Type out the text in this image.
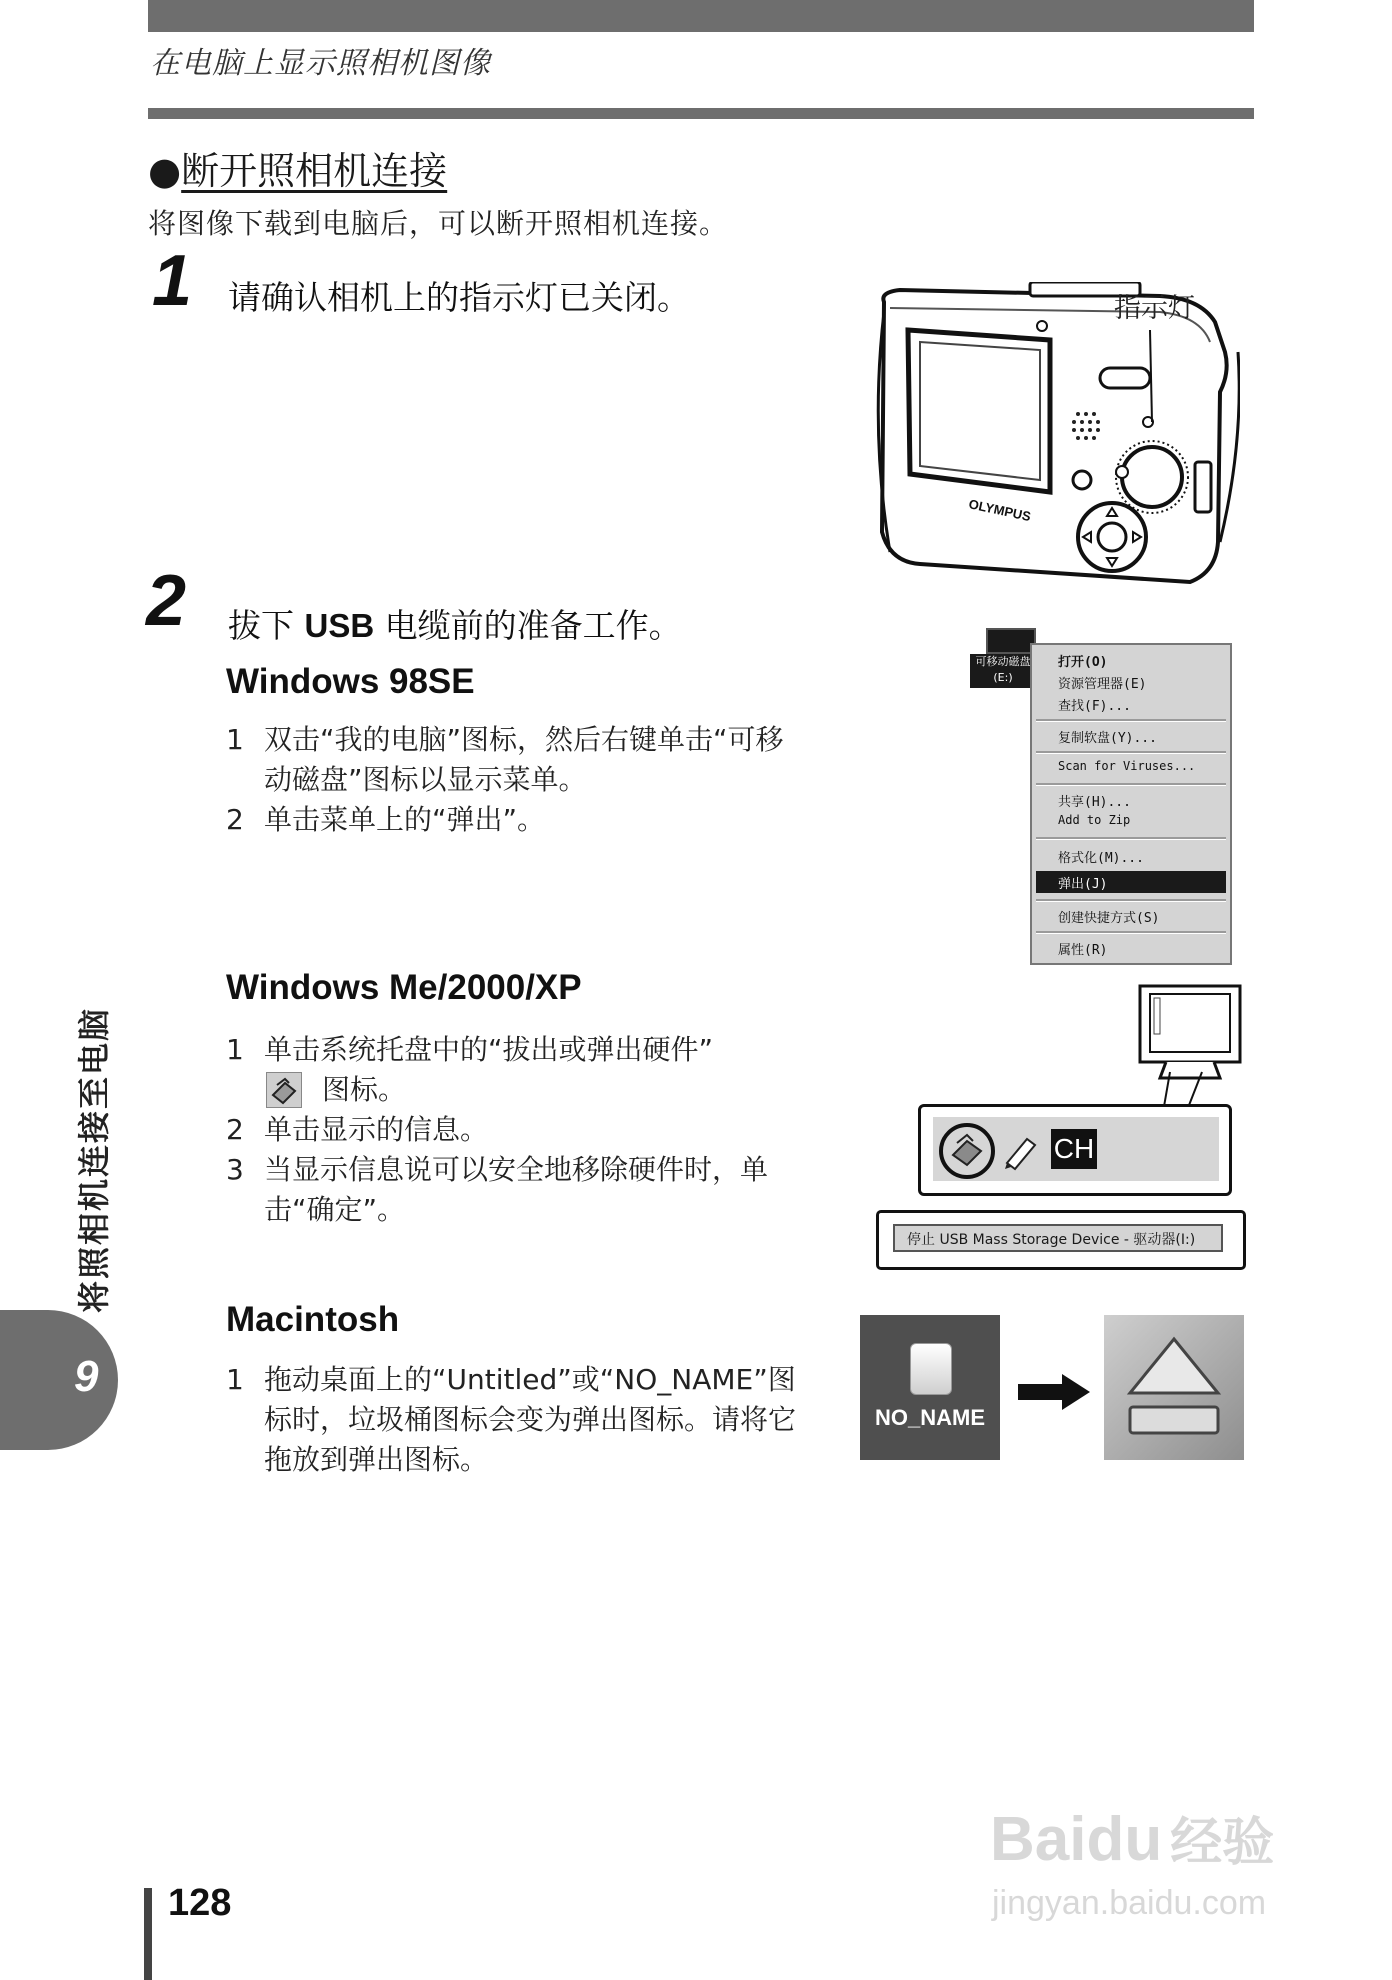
在电脑上显示照相机图像
●断开照相机连接
将图像下载到电脑后，可以断开照相机连接。
1 请确认相机上的指示灯已关闭。
OLYMPUS
指示灯
2 拔下 USB 电缆前的准备工作。
Windows 98SE
1 双击“我的电脑”图标，然后右键单击“可移动磁盘”图标以显示菜单。
2 单击菜单上的“弹出”。
可移动磁盘
(E:)
打开(O)
资源管理器(E)
查找(F)...
复制软盘(Y)...
Scan for Viruses...
共享(H)...
Add to Zip
格式化(M)...
弹出(J)
创建快捷方式(S)
属性(R)
Windows Me/2000/XP
1 单击系统托盘中的“拔出或弹出硬件”
图标。
2 单击显示的信息。
3 当显示信息说可以安全地移除硬件时，单击“确定”。
CH
停止 USB Mass Storage Device - 驱动器(I:)
Macintosh
1 拖动桌面上的“Untitled”或“NO_NAME”图标时，垃圾桶图标会变为弹出图标。请将它拖放到弹出图标。
NO_NAME
将照相机连接至电脑
9
128
Baidu 经验
jingyan.baidu.com
